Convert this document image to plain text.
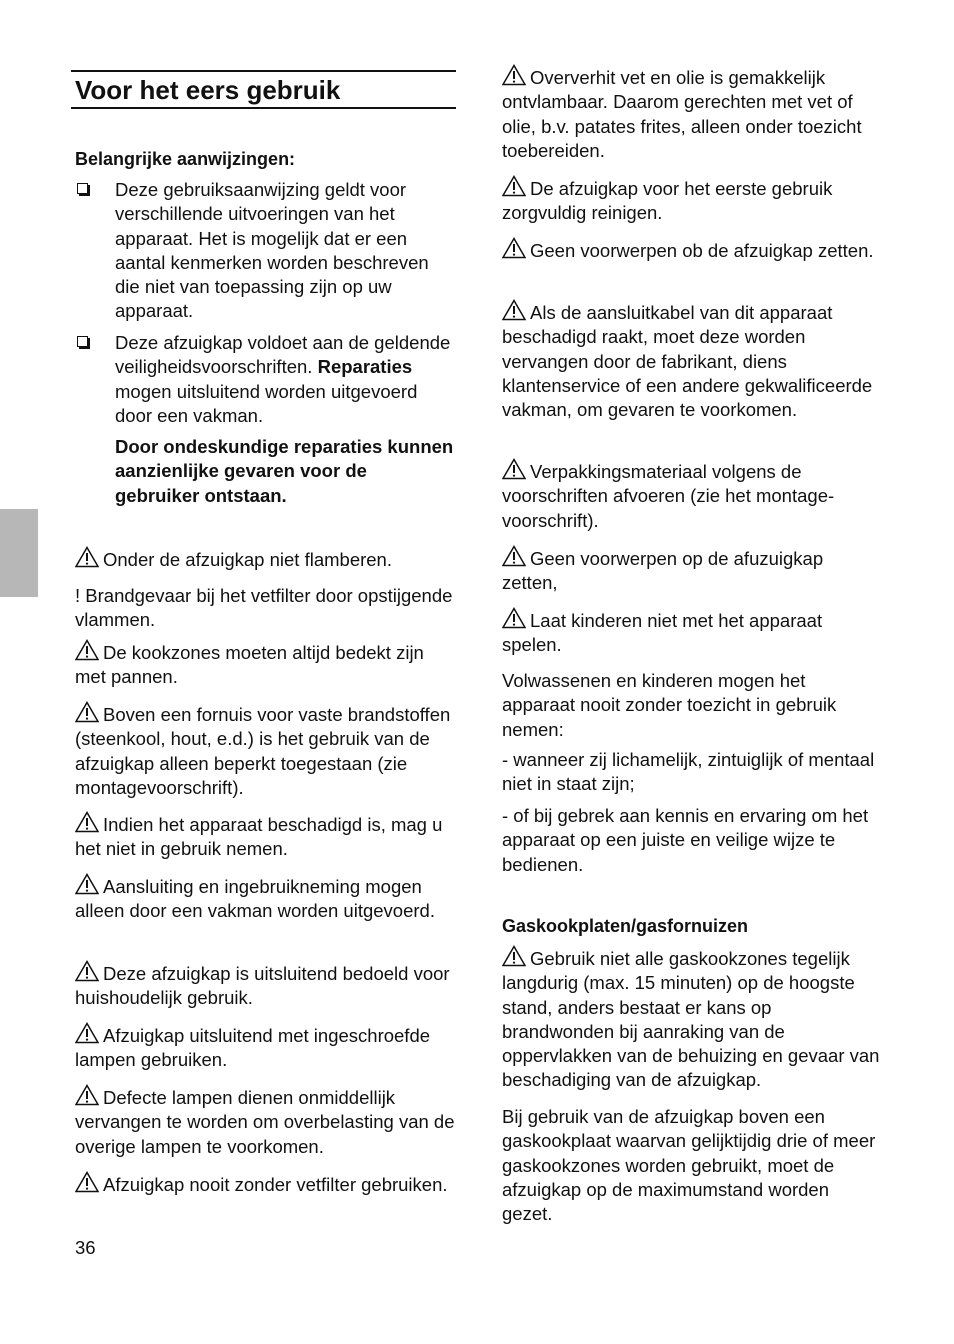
Voor het eers gebruik
Belangrijke aanwijzingen:

Deze gebruiksaanwijzing geldt voor verschillende uitvoeringen van het apparaat. Het is mogelijk dat er een aantal kenmerken worden beschreven die niet van toepassing zijn op uw apparaat.

Deze afzuigkap voldoet aan de geldende veiligheidsvoorschriften. Reparaties mogen uitsluitend worden uitgevoerd door een vakman.

Door ondeskundige reparaties kunnen aanzienlijke gevaren voor de gebruiker ontstaan.

Onder de afzuigkap niet flamberen.

! Brandgevaar bij het vetfilter door opstijgende vlammen.

De kookzones moeten altijd bedekt zijn met pannen.

Boven een fornuis voor vaste brandstoffen (steenkool, hout, e.d.) is het gebruik van de afzuigkap alleen beperkt toegestaan (zie montagevoorschrift).

Indien het apparaat beschadigd is, mag u het niet in gebruik nemen.

Aansluiting en ingebruikneming mogen alleen door een vakman worden uitgevoerd.

Deze afzuigkap is uitsluitend bedoeld voor huishoudelijk gebruik.

Afzuigkap uitsluitend met ingeschroefde lampen gebruiken.

Defecte lampen dienen onmiddellijk vervangen te worden om overbelasting van de overige lampen te voorkomen.

Afzuigkap nooit zonder vetfilter gebruiken.

36

Oververhit vet en olie is gemakkelijk ontvlambaar. Daarom gerechten met vet of olie, b.v. patates frites, alleen onder toezicht toebereiden.

De afzuigkap voor het eerste gebruik zorgvuldig reinigen.

Geen voorwerpen ob de afzuigkap zetten.

Als de aansluitkabel van dit apparaat beschadigd raakt, moet deze worden vervangen door de fabrikant, diens klantenservice of een andere gekwalificeerde vakman, om gevaren te voorkomen.

Verpakkingsmateriaal volgens de voorschriften afvoeren (zie het montage-voorschrift).

Geen voorwerpen op de afuzuigkap zetten,

Laat kinderen niet met het apparaat spelen.

Volwassenen en kinderen mogen het apparaat nooit zonder toezicht in gebruik nemen:

- wanneer zij lichamelijk, zintuiglijk of mentaal niet in staat zijn;

- of bij gebrek aan kennis en ervaring om het apparaat op een juiste en veilige wijze te bedienen.

Gaskookplaten/gasfornuizen

Gebruik niet alle gaskookzones tegelijk langdurig (max. 15 minuten) op de hoogste stand, anders bestaat er kans op brandwonden bij aanraking van de oppervlakken van de behuizing en gevaar van beschadiging van de afzuigkap.

Bij gebruik van de afzuigkap boven een gaskookplaat waarvan gelijktijdig drie of meer gaskookzones worden gebruikt, moet de afzuigkap op de maximumstand worden gezet.
